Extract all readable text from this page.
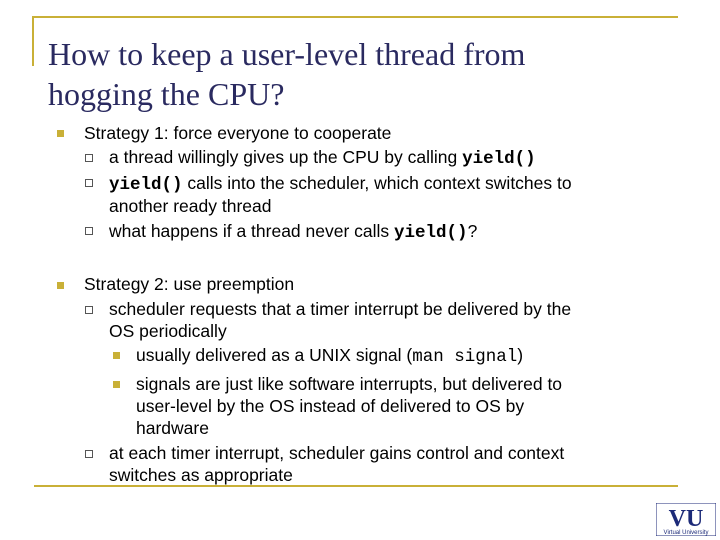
How to keep a user-level thread from
hogging the CPU?
Strategy 1: force everyone to cooperate
a thread willingly gives up the CPU by calling yield()
yield() calls into the scheduler, which context switches to
another ready thread
what happens if a thread never calls yield()?
Strategy 2: use preemption
scheduler requests that a timer interrupt be delivered by the
OS periodically
usually delivered as a UNIX signal (man signal)
signals are just like software interrupts, but delivered to
user-level by the OS instead of delivered to OS by
hardware
at each timer interrupt, scheduler gains control and context
switches as appropriate
VU
Virtual University
